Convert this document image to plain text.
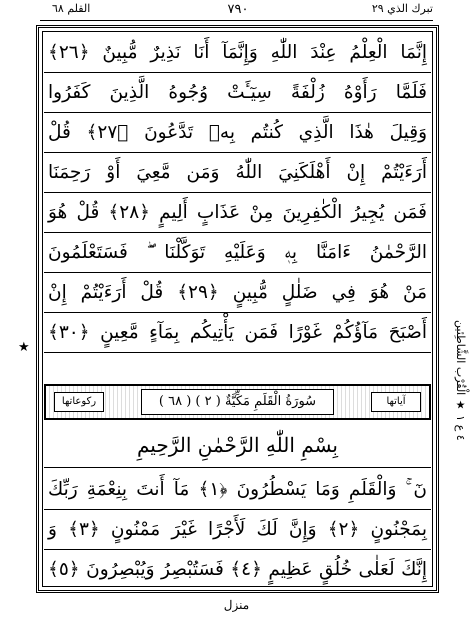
القلم ٦٨	٧٩٠	تبرك الذي ٢٩
إِنَّمَا الْعِلْمُ عِنْدَ اللّٰهِ وَإِنَّمَآ أَنَا نَذِيرٌ مُّبِينٌ ﴿٢٦﴾
فَلَمَّا رَأَوْهُ زُلْفَةً سِيٓـَٔتْ وُجُوهُ الَّذِينَ كَفَرُوا
وَقِيلَ هٰذَا الَّذِي كُنتُم بِهٖ تَدَّعُونَ ﴿٢٧﴾ قُلْ
أَرَءَيْتُمْ إِنْ أَهْلَكَنِيَ اللّٰهُ وَمَن مَّعِيَ أَوْ رَحِمَنَا
فَمَن يُجِيرُ الْكٰفِرِينَ مِنْ عَذَابٍ أَلِيمٍ ﴿٢٨﴾ قُلْ هُوَ
الرَّحْمٰنُ ءَامَنَّا بِهٖ وَعَلَيْهِ تَوَكَّلْنَا ۖ فَسَتَعْلَمُونَ
مَنْ هُوَ فِي ضَلٰلٍ مُّبِينٍ ﴿٢٩﴾ قُلْ أَرَءَيْتُمْ إِنْ
أَصْبَحَ مَآؤُكُمْ غَوْرًا فَمَن يَأْتِيكُم بِمَآءٍ مَّعِينٍ ﴿٣٠﴾
آياتها
سُورَةُ الْقَلَمِ مَكِّيَّةٌ ( ٢ ) ( ٦٨ )
ركوعاتها
بِسْمِ اللّٰهِ الرَّحْمٰنِ الرَّحِيمِ
نٓ ۚ وَالْقَلَمِ وَمَا يَسْطُرُونَ ﴿١﴾ مَآ أَنتَ بِنِعْمَةِ رَبِّكَ
بِمَجْنُونٍ ﴿٢﴾ وَإِنَّ لَكَ لَأَجْرًا غَيْرَ مَمْنُونٍ ﴿٣﴾ وَ
إِنَّكَ لَعَلٰى خُلُقٍ عَظِيمٍ ﴿٤﴾ فَسَتُبْصِرُ وَيُبْصِرُونَ ﴿٥﴾
٤ ع ١ ★ الْقُرْب الشَّاطِئين
★
منزل
